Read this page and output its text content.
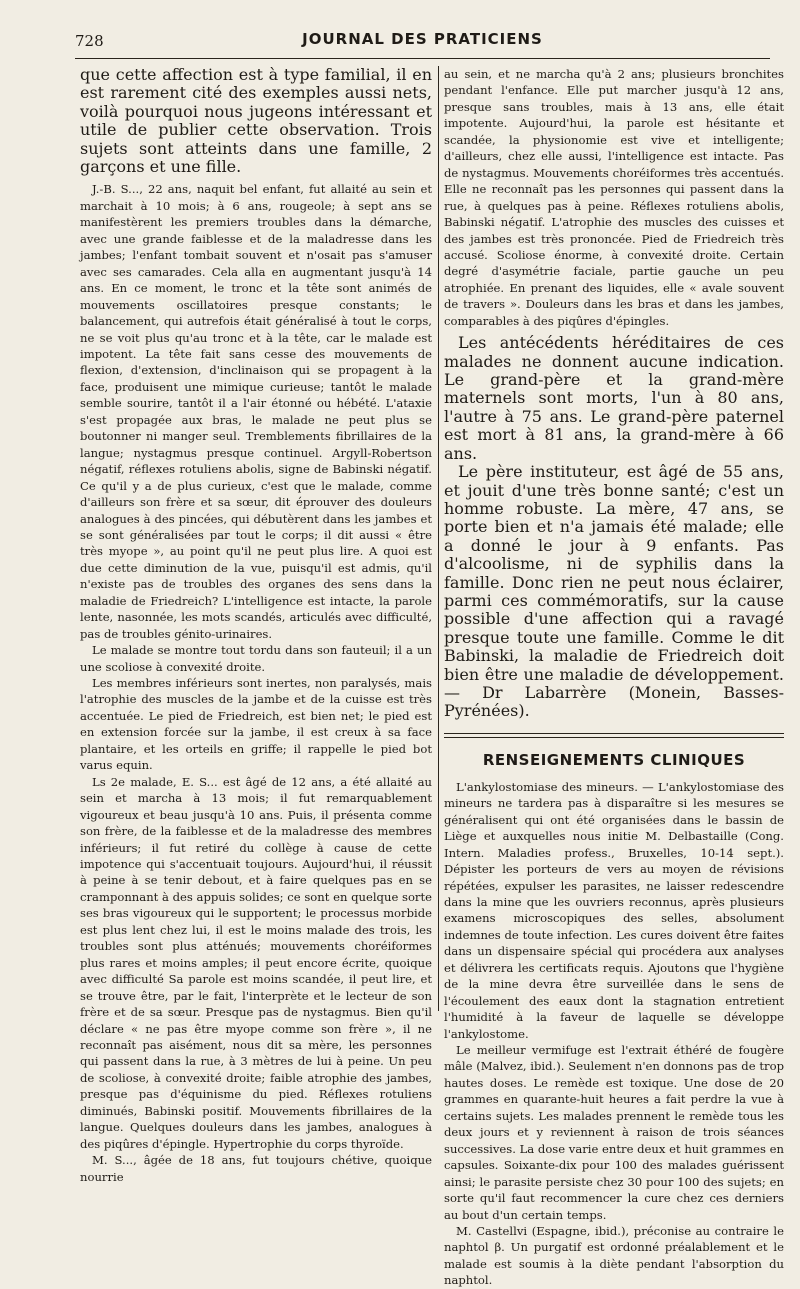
728	JOURNAL DES PRATICIENS

que cette affection est à type familial, il en est rarement cité des exemples aussi nets, voilà pourquoi nous jugeons intéressant et utile de publier cette observation. Trois sujets sont atteints dans une famille, 2 garçons et une fille.

J.-B. S..., 22 ans, naquit bel enfant, fut allaité au sein et marchait à 10 mois; à 6 ans, rougeole; à sept ans se manifestèrent les premiers troubles dans la démarche, avec une grande faiblesse et de la maladresse dans les jambes; l'enfant tombait souvent et n'osait pas s'amuser avec ses camarades. Cela alla en augmentant jusqu'à 14 ans. En ce moment, le tronc et la tête sont animés de mouvements oscillatoires presque constants; le balancement, qui autrefois était généralisé à tout le corps, ne se voit plus qu'au tronc et à la tête, car le malade est impotent. La tête fait sans cesse des mouvements de flexion, d'extension, d'inclinaison qui se propagent à la face, produisent une mimique curieuse; tantôt le malade semble sourire, tantôt il a l'air étonné ou hébété. L'ataxie s'est propagée aux bras, le malade ne peut plus se boutonner ni manger seul. Tremblements fibrillaires de la langue; nystagmus presque continuel. Argyll-Robertson négatif, réflexes rotuliens abolis, signe de Babinski négatif. Ce qu'il y a de plus curieux, c'est que le malade, comme d'ailleurs son frère et sa sœur, dit éprouver des douleurs analogues à des pincées, qui débutèrent dans les jambes et se sont généralisées par tout le corps; il dit aussi « être très myope », au point qu'il ne peut plus lire. A quoi est due cette diminution de la vue, puisqu'il est admis, qu'il n'existe pas de troubles des organes des sens dans la maladie de Friedreich? L'intelligence est intacte, la parole lente, nasonnée, les mots scandés, articulés avec difficulté, pas de troubles génito-urinaires.

Le malade se montre tout tordu dans son fauteuil; il a un une scoliose à convexité droite.

Les membres inférieurs sont inertes, non paralysés, mais l'atrophie des muscles de la jambe et de la cuisse est très accentuée. Le pied de Friedreich, est bien net; le pied est en extension forcée sur la jambe, il est creux à sa face plantaire, et les orteils en griffe; il rappelle le pied bot varus equin.

Ls 2e malade, E. S... est âgé de 12 ans, a été allaité au sein et marcha à 13 mois; il fut remarquablement vigoureux et beau jusqu'à 10 ans. Puis, il présenta comme son frère, de la faiblesse et de la maladresse des membres inférieurs; il fut retiré du collège à cause de cette impotence qui s'accentuait toujours. Aujourd'hui, il réussit à peine à se tenir debout, et à faire quelques pas en se cramponnant à des appuis solides; ce sont en quelque sorte ses bras vigoureux qui le supportent; le processus morbide est plus lent chez lui, il est le moins malade des trois, les troubles sont plus atténués; mouvements choréiformes plus rares et moins amples; il peut encore écrite, quoique avec difficulté Sa parole est moins scandée, il peut lire, et se trouve être, par le fait, l'interprète et le lecteur de son frère et de sa sœur. Presque pas de nystagmus. Bien qu'il déclare « ne pas être myope comme son frère », il ne reconnaît pas aisément, nous dit sa mère, les personnes qui passent dans la rue, à 3 mètres de lui à peine. Un peu de scoliose, à convexité droite; faible atrophie des jambes, presque pas d'équinisme du pied. Réflexes rotuliens diminués, Babinski positif. Mouvements fibrillaires de la langue. Quelques douleurs dans les jambes, analogues à des piqûres d'épingle. Hypertrophie du corps thyroïde.

M. S..., âgée de 18 ans, fut toujours chétive, quoique nourrie

au sein, et ne marcha qu'à 2 ans; plusieurs bronchites pendant l'enfance. Elle put marcher jusqu'à 12 ans, presque sans troubles, mais à 13 ans, elle était impotente. Aujourd'hui, la parole est hésitante et scandée, la physionomie est vive et intelligente; d'ailleurs, chez elle aussi, l'intelligence est intacte. Pas de nystagmus. Mouvements choréiformes très accentués. Elle ne reconnaît pas les personnes qui passent dans la rue, à quelques pas à peine. Réflexes rotuliens abolis, Babinski négatif. L'atrophie des muscles des cuisses et des jambes est très prononcée. Pied de Friedreich très accusé. Scoliose énorme, à convexité droite. Certain degré d'asymétrie faciale, partie gauche un peu atrophiée. En prenant des liquides, elle « avale souvent de travers ». Douleurs dans les bras et dans les jambes, comparables à des piqûres d'épingles.

Les antécédents héréditaires de ces malades ne donnent aucune indication. Le grand-père et la grand-mère maternels sont morts, l'un à 80 ans, l'autre à 75 ans. Le grand-père paternel est mort à 81 ans, la grand-mère à 66 ans.

Le père instituteur, est âgé de 55 ans, et jouit d'une très bonne santé; c'est un homme robuste. La mère, 47 ans, se porte bien et n'a jamais été malade; elle a donné le jour à 9 enfants. Pas d'alcoolisme, ni de syphilis dans la famille. Donc rien ne peut nous éclairer, parmi ces commémoratifs, sur la cause possible d'une affection qui a ravagé presque toute une famille. Comme le dit Babinski, la maladie de Friedreich doit bien être une maladie de développement. — Dr Labarrère (Monein, Basses-Pyrénées).

RENSEIGNEMENTS CLINIQUES

L'ankylostomiase des mineurs. — L'ankylostomiase des mineurs ne tardera pas à disparaître si les mesures se généralisent qui ont été organisées dans le bassin de Liège et auxquelles nous initie M. Delbastaille (Cong. Intern. Maladies profess., Bruxelles, 10-14 sept.). Dépister les porteurs de vers au moyen de révisions répétées, expulser les parasites, ne laisser redescendre dans la mine que les ouvriers reconnus, après plusieurs examens microscopiques des selles, absolument indemnes de toute infection. Les cures doivent être faites dans un dispensaire spécial qui procédera aux analyses et délivrera les certificats requis. Ajoutons que l'hygiène de la mine devra être surveillée dans le sens de l'écoulement des eaux dont la stagnation entretient l'humidité à la faveur de laquelle se développe l'ankylostome.

Le meilleur vermifuge est l'extrait éthéré de fougère mâle (Malvez, ibid.). Seulement n'en donnons pas de trop hautes doses. Le remède est toxique. Une dose de 20 grammes en quarante-huit heures a fait perdre la vue à certains sujets. Les malades prennent le remède tous les deux jours et y reviennent à raison de trois séances successives. La dose varie entre deux et huit grammes en capsules. Soixante-dix pour 100 des malades guérissent ainsi; le parasite persiste chez 30 pour 100 des sujets; en sorte qu'il faut recommencer la cure chez ces derniers au bout d'un certain temps.

M. Castellvi (Espagne, ibid.), préconise au contraire le naphtol β. Un purgatif est ordonné préalablement et le malade est soumis à la diète pendant l'absorption du naphtol.
